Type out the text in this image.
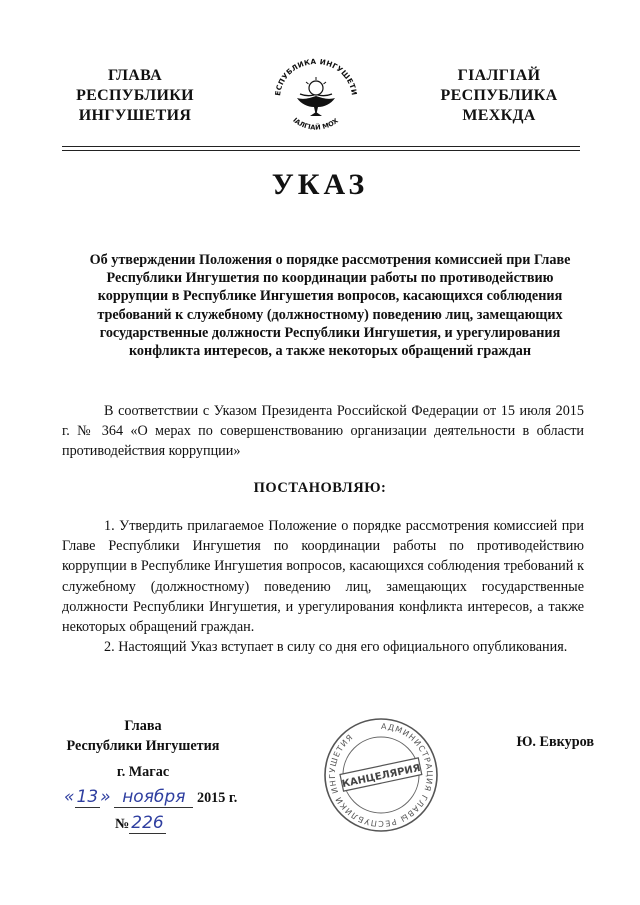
ГЛАВА
РЕСПУБЛИКИ
ИНГУШЕТИЯ
ЕСПУБЛИКА ИНГУШЕТИ
IАЛГIАЙ МОХ
ГIАЛГIАЙ
РЕСПУБЛИКА
МЕХКДА
УКАЗ
Об утверждении Положения о порядке рассмотрения комиссией при Главе Республики Ингушетия по координации работы по противодействию коррупции в Республике Ингушетия вопросов, касающихся соблюдения требований к служебному (должностному) поведению лиц, замещающих государственные должности Республики Ингушетия, и урегулирования конфликта интересов, а также некоторых обращений граждан
В соответствии с Указом Президента Российской Федерации от 15 июля 2015 г. № 364 «О мерах по совершенствованию организации деятельности в области противодействия коррупции»
ПОСТАНОВЛЯЮ:
1. Утвердить прилагаемое Положение о порядке рассмотрения комиссией при Главе Республики Ингушетия по координации работы по противодействию коррупции в Республике Ингушетия вопросов, касающихся соблюдения требований к служебному (должностному) поведению лиц, замещающих государственные должности Республики Ингушетия, и урегулирования конфликта интересов, а также некоторых обращений граждан.
2. Настоящий Указ вступает в силу со дня его официального опубликования.
Глава
Республики Ингушетия	Ю. Евкуров
г. Магас
« 13 » ноября 2015 г.
№ 226
АДМИНИСТРАЦИЯ ГЛАВЫ РЕСПУБЛИКИ ИНГУШЕТИЯ
КАНЦЕЛЯРИЯ
